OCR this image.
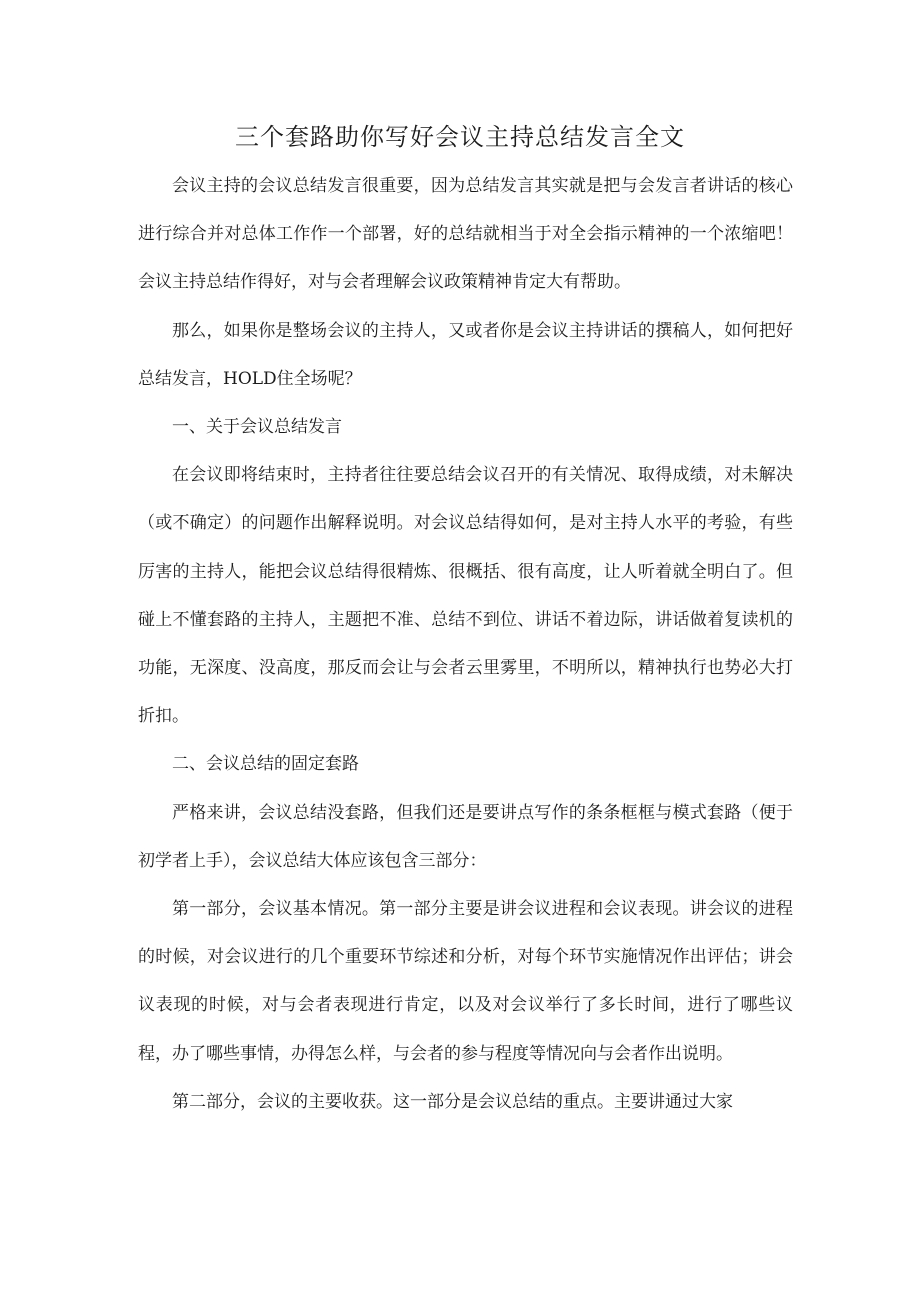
三个套路助你写好会议主持总结发言全文

会议主持的会议总结发言很重要，因为总结发言其实就是把与会发言者讲话的核心进行综合并对总体工作作一个部署，好的总结就相当于对全会指示精神的一个浓缩吧！会议主持总结作得好，对与会者理解会议政策精神肯定大有帮助。

那么，如果你是整场会议的主持人，又或者你是会议主持讲话的撰稿人，如何把好总结发言，HOLD住全场呢？

一、关于会议总结发言

在会议即将结束时，主持者往往要总结会议召开的有关情况、取得成绩，对未解决（或不确定）的问题作出解释说明。对会议总结得如何，是对主持人水平的考验，有些厉害的主持人，能把会议总结得很精炼、很概括、很有高度，让人听着就全明白了。但碰上不懂套路的主持人，主题把不准、总结不到位、讲话不着边际，讲话做着复读机的功能，无深度、没高度，那反而会让与会者云里雾里，不明所以，精神执行也势必大打折扣。

二、会议总结的固定套路

严格来讲，会议总结没套路，但我们还是要讲点写作的条条框框与模式套路（便于初学者上手），会议总结大体应该包含三部分：

第一部分，会议基本情况。第一部分主要是讲会议进程和会议表现。讲会议的进程的时候，对会议进行的几个重要环节综述和分析，对每个环节实施情况作出评估；讲会议表现的时候，对与会者表现进行肯定，以及对会议举行了多长时间，进行了哪些议程，办了哪些事情，办得怎么样，与会者的参与程度等情况向与会者作出说明。

第二部分，会议的主要收获。这一部分是会议总结的重点。主要讲通过大家
